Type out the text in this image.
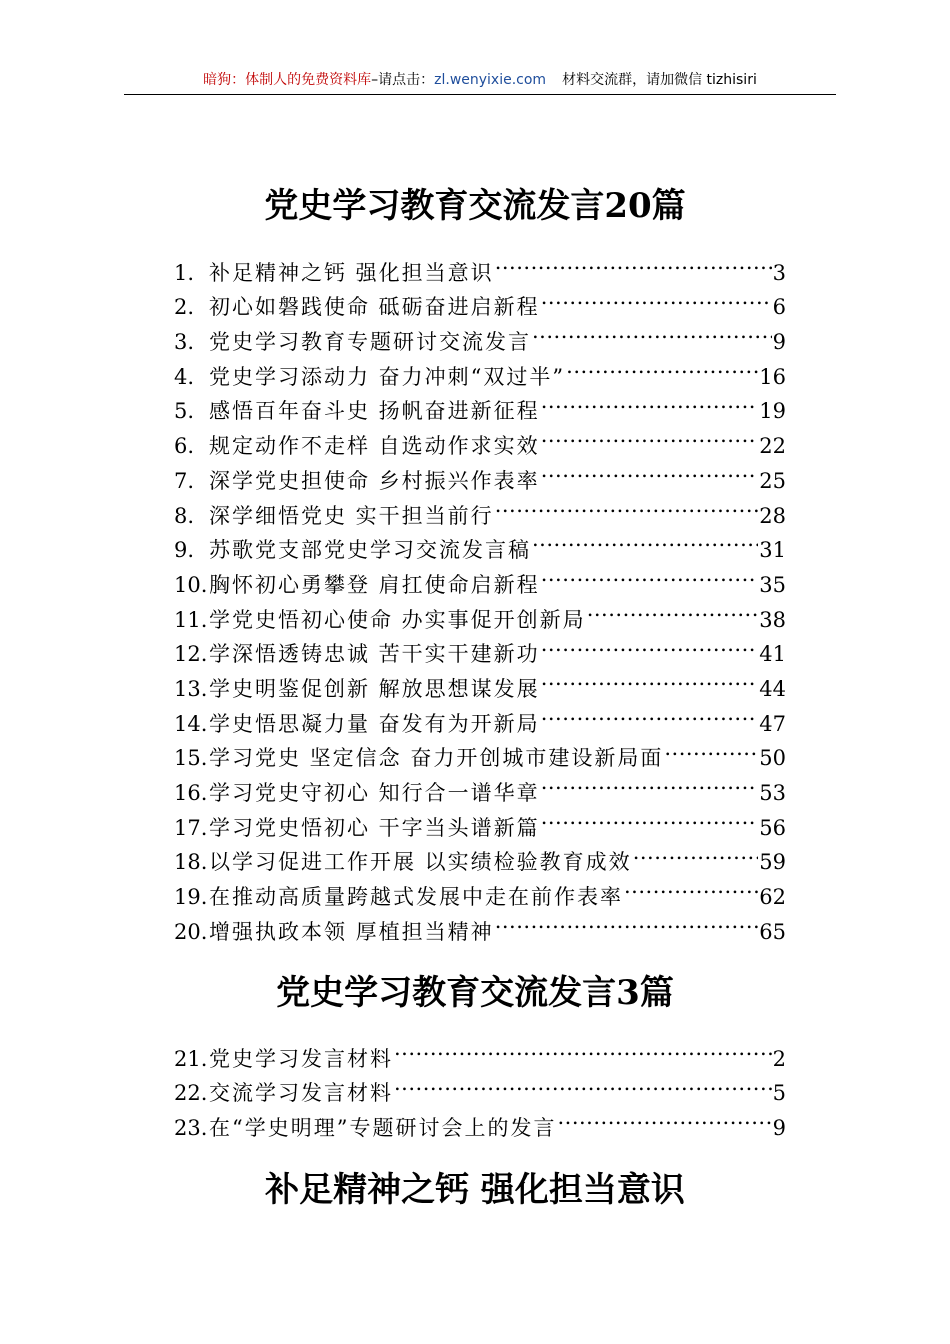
暗狗：体制人的免费资料库–请点击：zl.wenyixie.com 材料交流群，请加微信 tizhisiri
党史学习教育交流发言20篇
1. 补足精神之钙 强化担当意识 .....	3
2. 初心如磐践使命 砥砺奋进启新程 .....	6
3. 党史学习教育专题研讨交流发言 .....	9
4. 党史学习添动力 奋力冲刺“双过半” .....	16
5. 感悟百年奋斗史 扬帆奋进新征程 .....	19
6. 规定动作不走样 自选动作求实效 .....	22
7. 深学党史担使命 乡村振兴作表率 .....	25
8. 深学细悟党史 实干担当前行 .....	28
9. 苏歌党支部党史学习交流发言稿 .....	31
10. 胸怀初心勇攀登 肩扛使命启新程 .....	35
11. 学党史悟初心使命 办实事促开创新局 .....	38
12. 学深悟透铸忠诚 苦干实干建新功 .....	41
13. 学史明鉴促创新 解放思想谋发展 .....	44
14. 学史悟思凝力量 奋发有为开新局 .....	47
15. 学习党史 坚定信念 奋力开创城市建设新局面 .....	50
16. 学习党史守初心 知行合一谱华章 .....	53
17. 学习党史悟初心 干字当头谱新篇 .....	56
18. 以学习促进工作开展 以实绩检验教育成效 .....	59
19. 在推动高质量跨越式发展中走在前作表率 .....	62
20. 增强执政本领 厚植担当精神 .....	65
党史学习教育交流发言3篇
21. 党史学习发言材料 .....	2
22. 交流学习发言材料 .....	5
23. 在“学史明理”专题研讨会上的发言 .....	9
补足精神之钙 强化担当意识
